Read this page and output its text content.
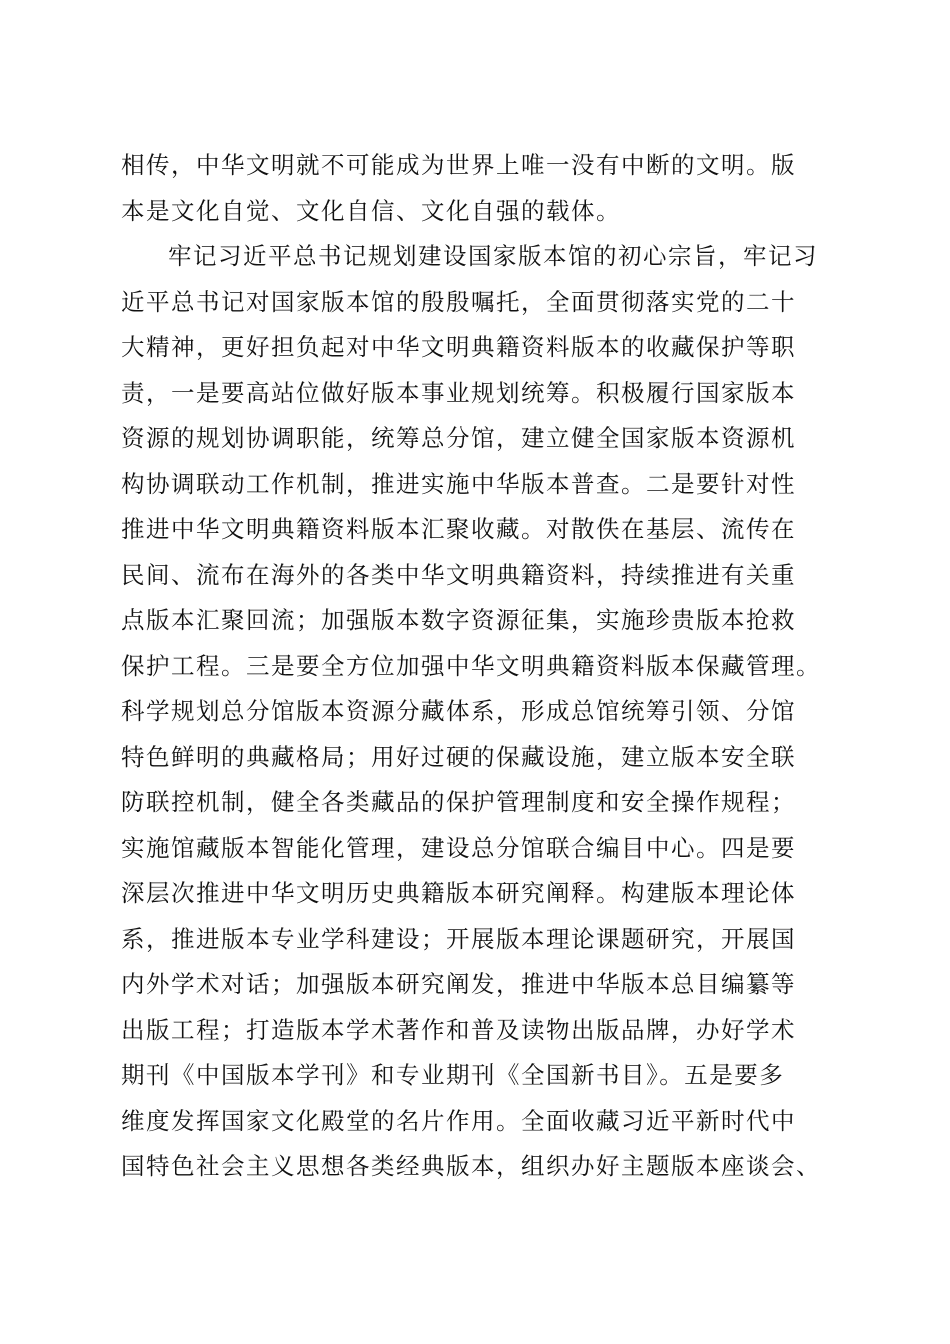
相传，中华文明就不可能成为世界上唯一没有中断的文明。版
本是文化自觉、文化自信、文化自强的载体。
牢记习近平总书记规划建设国家版本馆的初心宗旨，牢记习
近平总书记对国家版本馆的殷殷嘱托，全面贯彻落实党的二十
大精神，更好担负起对中华文明典籍资料版本的收藏保护等职
责，一是要高站位做好版本事业规划统筹。积极履行国家版本
资源的规划协调职能，统筹总分馆，建立健全国家版本资源机
构协调联动工作机制，推进实施中华版本普查。二是要针对性
推进中华文明典籍资料版本汇聚收藏。对散佚在基层、流传在
民间、流布在海外的各类中华文明典籍资料，持续推进有关重
点版本汇聚回流；加强版本数字资源征集，实施珍贵版本抢救
保护工程。三是要全方位加强中华文明典籍资料版本保藏管理。
科学规划总分馆版本资源分藏体系，形成总馆统筹引领、分馆
特色鲜明的典藏格局；用好过硬的保藏设施，建立版本安全联
防联控机制，健全各类藏品的保护管理制度和安全操作规程；
实施馆藏版本智能化管理，建设总分馆联合编目中心。四是要
深层次推进中华文明历史典籍版本研究阐释。构建版本理论体
系，推进版本专业学科建设；开展版本理论课题研究，开展国
内外学术对话；加强版本研究阐发，推进中华版本总目编纂等
出版工程；打造版本学术著作和普及读物出版品牌，办好学术
期刊《中国版本学刊》和专业期刊《全国新书目》。五是要多
维度发挥国家文化殿堂的名片作用。全面收藏习近平新时代中
国特色社会主义思想各类经典版本，组织办好主题版本座谈会、
